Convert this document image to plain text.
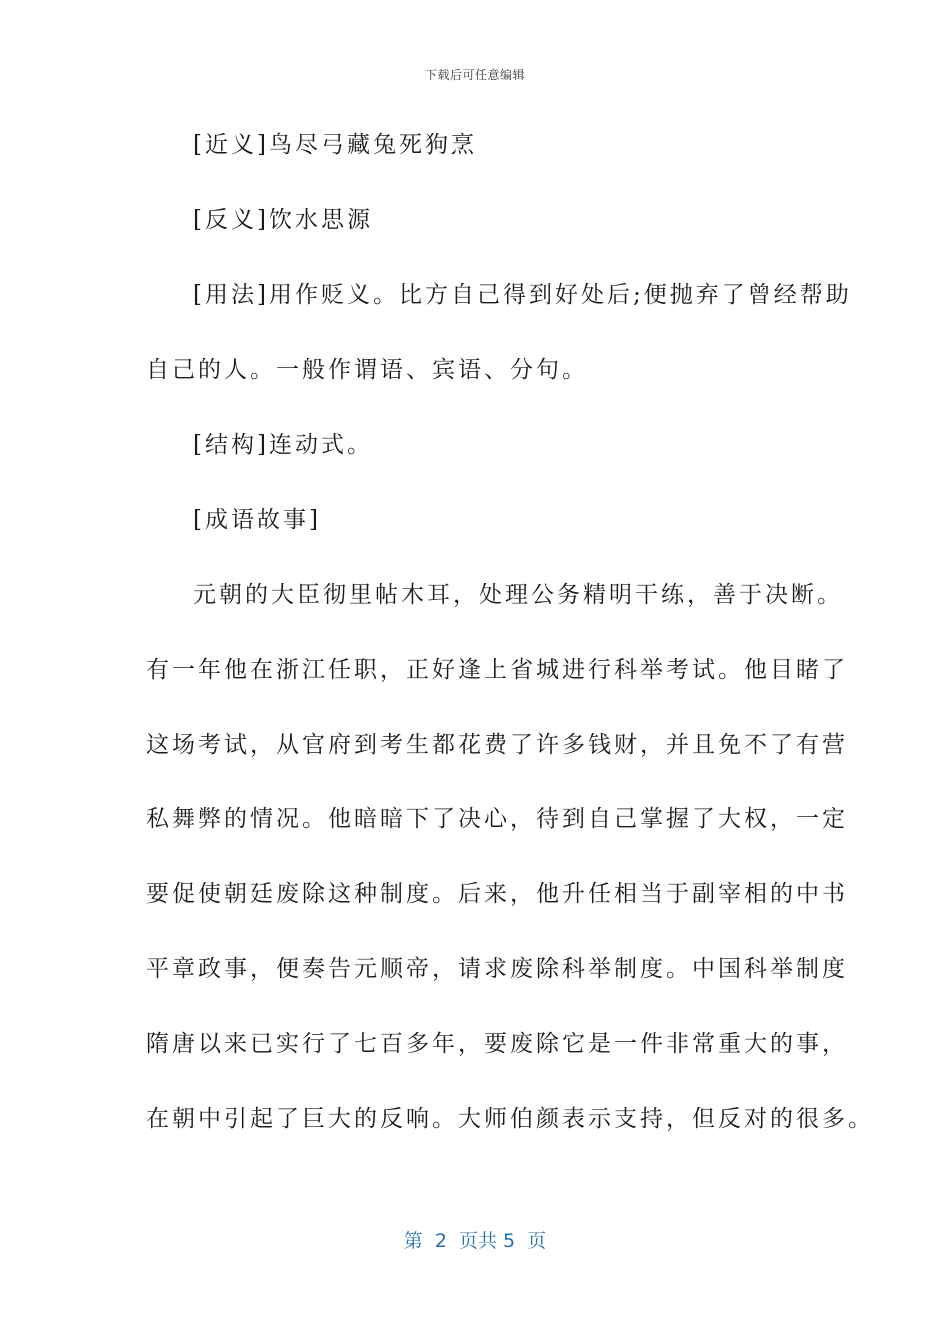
下载后可任意编辑
[近义]鸟尽弓藏兔死狗烹
[反义]饮水思源
[用法]用作贬义。比方自己得到好处后;便抛弃了曾经帮助
自己的人。一般作谓语、宾语、分句。
[结构]连动式。
[成语故事]
元朝的大臣彻里帖木耳，处理公务精明干练，善于决断。
有一年他在浙江任职，正好逢上省城进行科举考试。他目睹了
这场考试，从官府到考生都花费了许多钱财，并且免不了有营
私舞弊的情况。他暗暗下了决心，待到自己掌握了大权，一定
要促使朝廷废除这种制度。后来，他升任相当于副宰相的中书
平章政事，便奏告元顺帝，请求废除科举制度。中国科举制度
隋唐以来已实行了七百多年，要废除它是一件非常重大的事，
在朝中引起了巨大的反响。大师伯颜表示支持，但反对的很多。
第  2  页共 5  页
